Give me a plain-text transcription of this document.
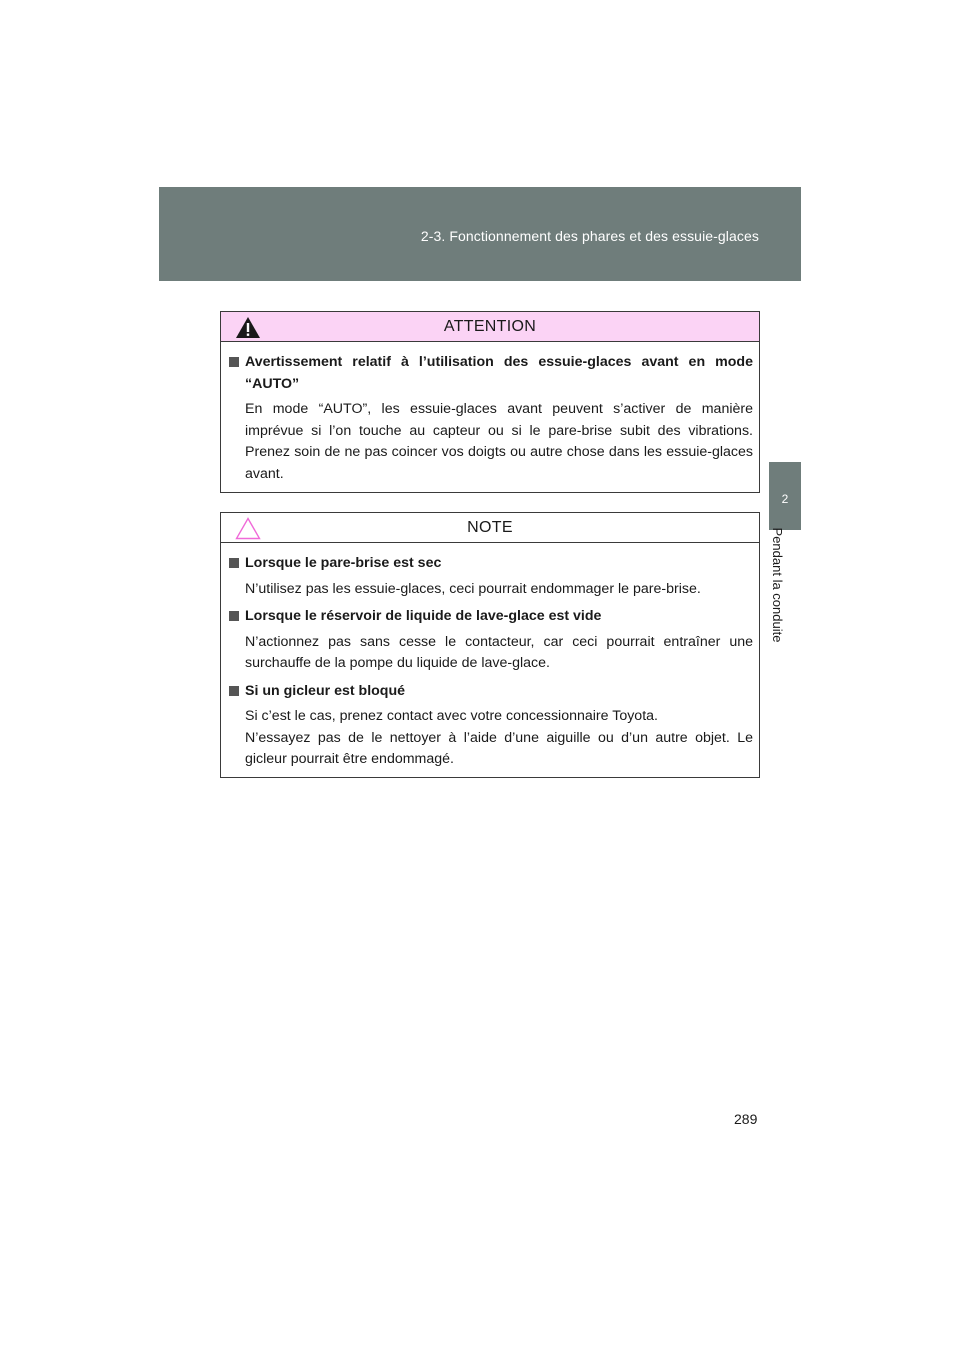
2-3. Fonctionnement des phares et des essuie-glaces
2
Pendant la conduite
ATTENTION
Avertissement relatif à l’utilisation des essuie-glaces avant en mode “AUTO”
En mode “AUTO”, les essuie-glaces avant peuvent s’activer de manière imprévue si l’on touche au capteur ou si le pare-brise subit des vibrations. Prenez soin de ne pas coincer vos doigts ou autre chose dans les essuie-glaces avant.
NOTE
Lorsque le pare-brise est sec
N’utilisez pas les essuie-glaces, ceci pourrait endommager le pare-brise.
Lorsque le réservoir de liquide de lave-glace est vide
N’actionnez pas sans cesse le contacteur, car ceci pourrait entraîner une surchauffe de la pompe du liquide de lave-glace.
Si un gicleur est bloqué
Si c’est le cas, prenez contact avec votre concessionnaire Toyota.
N’essayez pas de le nettoyer à l’aide d’une aiguille ou d’un autre objet. Le gicleur pourrait être endommagé.
289
